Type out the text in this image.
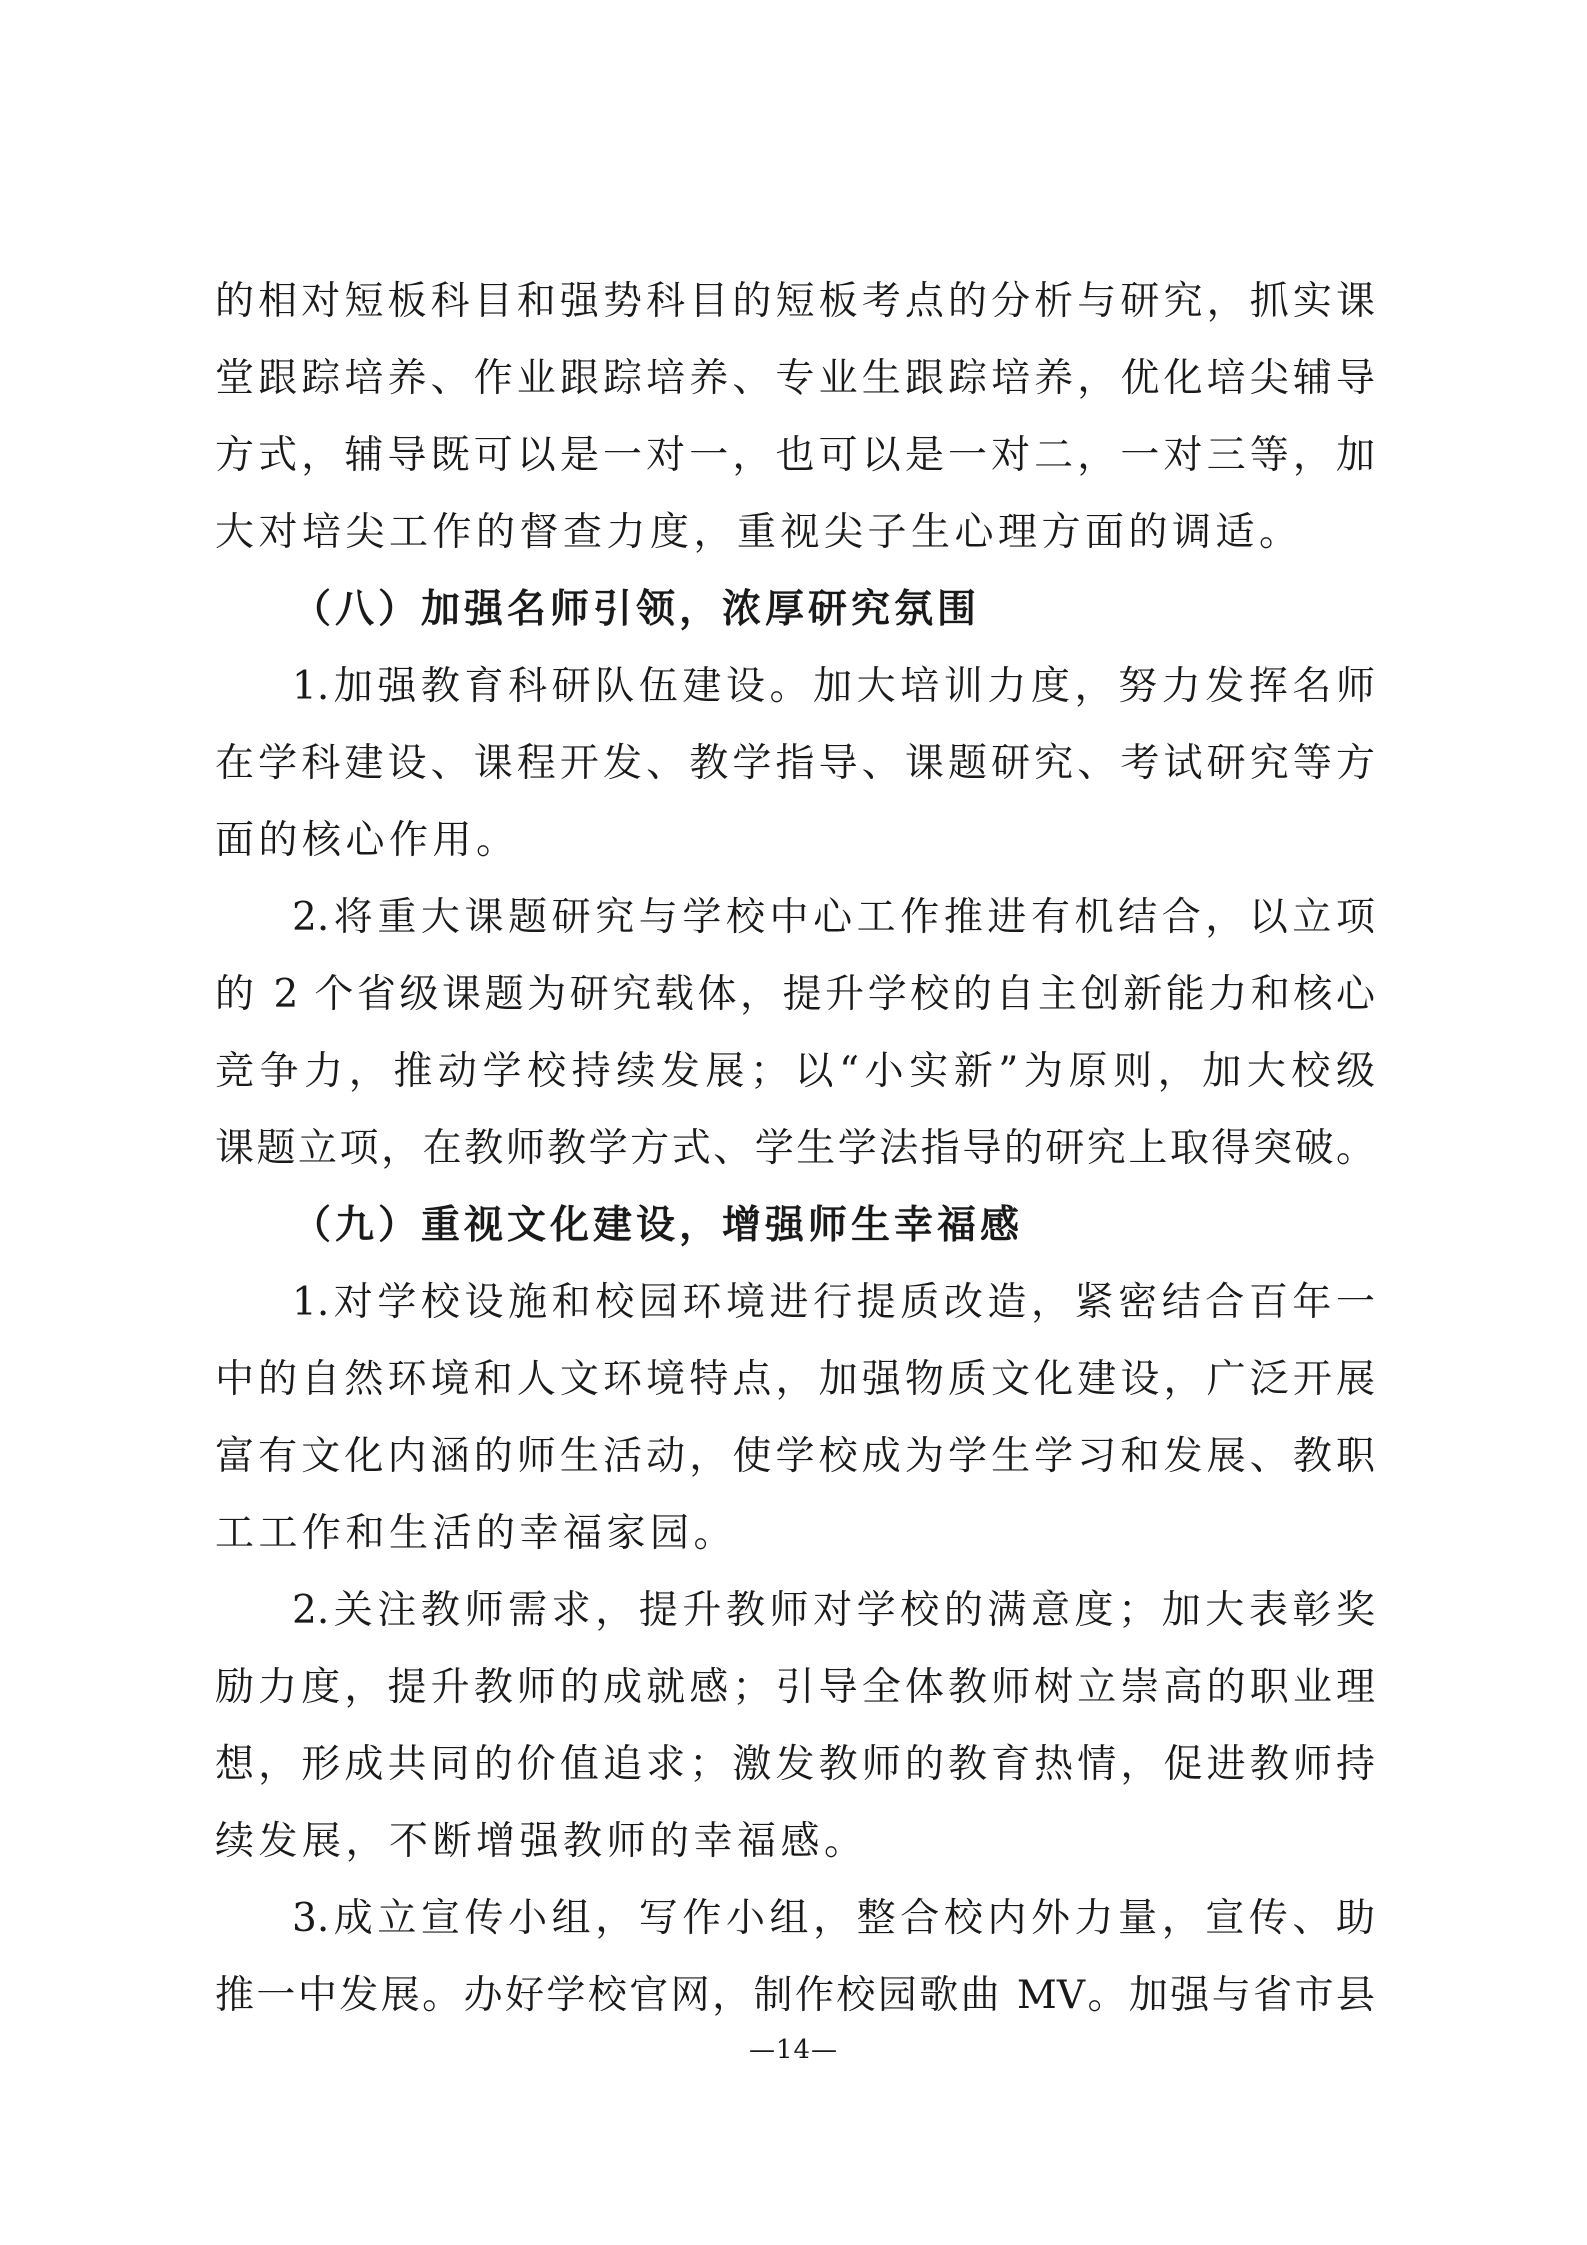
的相对短板科目和强势科目的短板考点的分析与研究，抓实课
堂跟踪培养、作业跟踪培养、专业生跟踪培养，优化培尖辅导
方式，辅导既可以是一对一，也可以是一对二，一对三等，加
大对培尖工作的督查力度，重视尖子生心理方面的调适。
（八）加强名师引领，浓厚研究氛围
1.加强教育科研队伍建设。加大培训力度，努力发挥名师
在学科建设、课程开发、教学指导、课题研究、考试研究等方
面的核心作用。
2.将重大课题研究与学校中心工作推进有机结合，以立项
的 2 个省级课题为研究载体，提升学校的自主创新能力和核心
竞争力，推动学校持续发展；以“小实新”为原则，加大校级
课题立项，在教师教学方式、学生学法指导的研究上取得突破。
（九）重视文化建设，增强师生幸福感
1.对学校设施和校园环境进行提质改造，紧密结合百年一
中的自然环境和人文环境特点，加强物质文化建设，广泛开展
富有文化内涵的师生活动，使学校成为学生学习和发展、教职
工工作和生活的幸福家园。
2.关注教师需求，提升教师对学校的满意度；加大表彰奖
励力度，提升教师的成就感；引导全体教师树立崇高的职业理
想，形成共同的价值追求；激发教师的教育热情，促进教师持
续发展，不断增强教师的幸福感。
3.成立宣传小组，写作小组，整合校内外力量，宣传、助
推一中发展。办好学校官网，制作校园歌曲 MV。加强与省市县
—14—
